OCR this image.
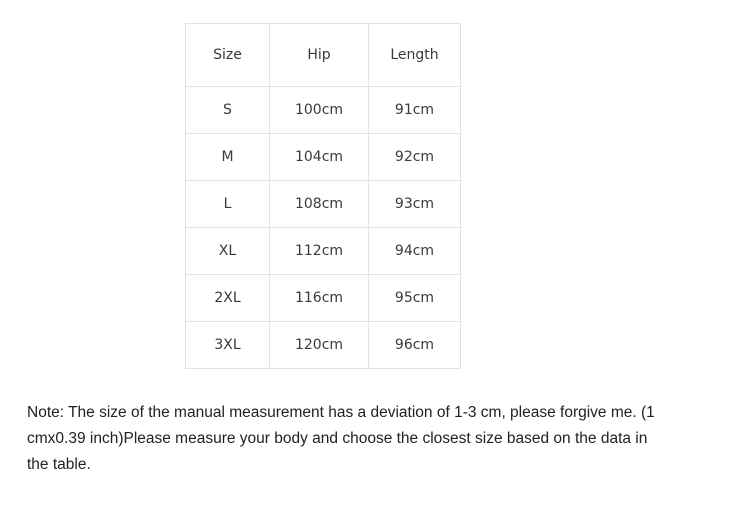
Size	Hip	Length
S	100cm	91cm
M	104cm	92cm
L	108cm	93cm
XL	112cm	94cm
2XL	116cm	95cm
3XL	120cm	96cm

Note: The size of the manual measurement has a deviation of 1-3 cm, please forgive me. (1 cmx0.39 inch)Please measure your body and choose the closest size based on the data in the table.
